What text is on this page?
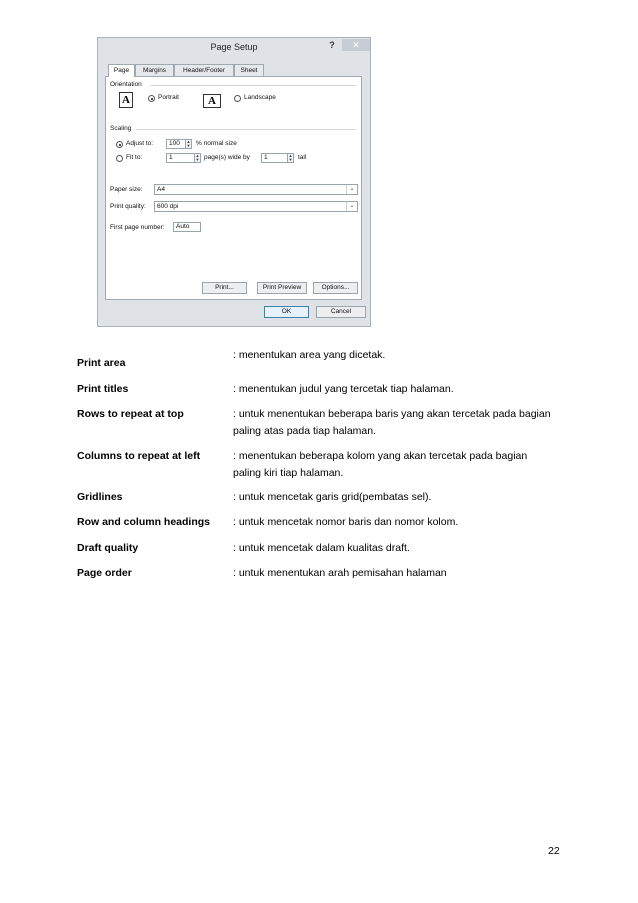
Page Setup	?	✕
Page	Margins	Header/Footer	Sheet
Orientation
A	Portrait	A	Landscape
Scaling
Adjust to:	100	▲
▼ % normal size
Fit to:	1	▲
▼ page(s) wide by	1	▲
▼ tall
Paper size:	A4	⌄
Print quality:	600 dpi	⌄
First page number:	Auto
Print...	Print Preview	Options...
OK	Cancel
Print area
: menentukan area yang dicetak.
Print titles	: menentukan judul yang tercetak tiap halaman.
Rows to repeat at top	: untuk menentukan beberapa baris yang akan tercetak pada bagian paling atas pada tiap halaman.
Columns to repeat at left	: menentukan beberapa kolom yang akan tercetak pada bagian paling kiri tiap halaman.
Gridlines	: untuk mencetak garis grid(pembatas sel).
Row and column headings : untuk mencetak nomor baris dan nomor kolom.
Draft quality	: untuk mencetak dalam kualitas draft.
Page order	: untuk menentukan arah pemisahan halaman
22
